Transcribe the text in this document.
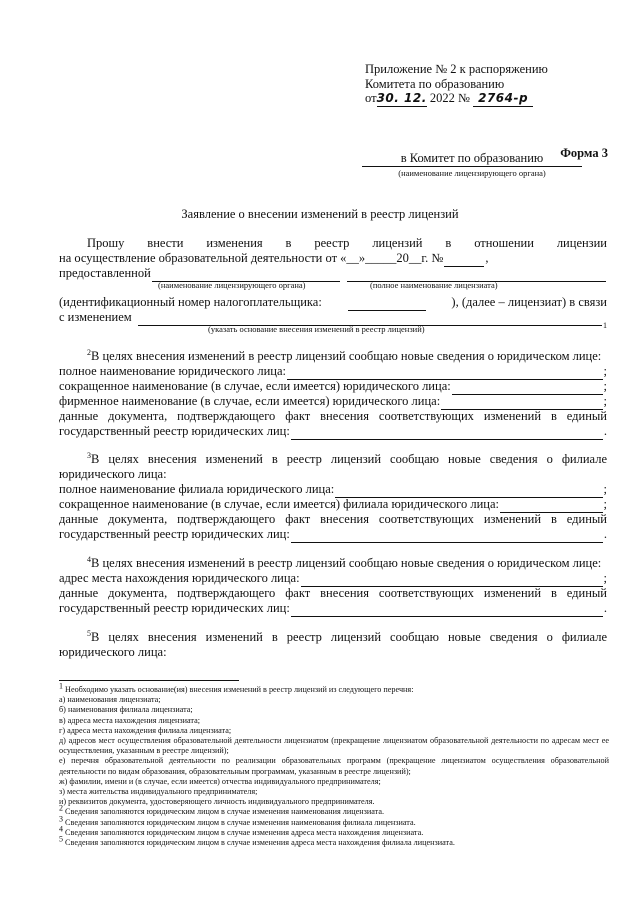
Приложение № 2 к распоряжению
Комитета по образованию
от30. 12. 2022 № 2764-р
Форма 3
в Комитет по образованию
(наименование лицензирующего органа)
Заявление о внесении изменений в реестр лицензий
Прошу внести изменения в реестр лицензий в отношении лицензии
на осуществление образовательной деятельности от «__»_____20__г. №	,
предоставленной
(наименование лицензирующего органа)	(полное наименование лицензиата)
(идентификационный номер налогоплательщика:	), (далее – лицензиат) в связи
с изменением
1
(указать основание внесения изменений в реестр лицензий)
$^2$В целях внесения изменений в реестр лицензий сообщаю новые сведения о юридическом лице:
полное наименование юридического лица:	;
сокращенное наименование (в случае, если имеется) юридического лица:	;
фирменное наименование (в случае, если имеется) юридического лица:	;
данные документа, подтверждающего факт внесения соответствующих изменений в единый
государственный реестр юридических лиц:	.
$^3$В целях внесения изменений в реестр лицензий сообщаю новые сведения о филиале
юридического лица:
полное наименование филиала юридического лица:	;
сокращенное наименование (в случае, если имеется) филиала юридического лица:	;
данные документа, подтверждающего факт внесения соответствующих изменений в единый
государственный реестр юридических лиц:	.
$^4$В целях внесения изменений в реестр лицензий сообщаю новые сведения о юридическом лице:
адрес места нахождения юридического лица:	;
данные документа, подтверждающего факт внесения соответствующих изменений в единый
государственный реестр юридических лиц:	.
$^5$В целях внесения изменений в реестр лицензий сообщаю новые сведения о филиале
юридического лица:

$^1$ Необходимо указать основание(ия) внесения изменений в реестр лицензий из следующего перечня:

а) наименования лицензиата;

б) наименования филиала лицензиата;

в) адреса места нахождения лицензиата;

г) адреса места нахождения филиала лицензиата;

д) адресов мест осуществления образовательной деятельности лицензиатом (прекращение лицензиатом образовательной деятельности по адресам мест ее осуществления, указанным в реестре лицензий);

е) перечня образовательной деятельности по реализации образовательных программ (прекращение лицензиатом осуществления образовательной деятельности по видам образования, образовательным программам, указанным в реестре лицензий);

ж) фамилии, имени и (в случае, если имеется) отчества индивидуального предпринимателя;

з) места жительства индивидуального предпринимателя;

и) реквизитов документа, удостоверяющего личность индивидуального предпринимателя.

$^2$ Сведения заполняются юридическим лицом в случае изменения наименования лицензиата.

$^3$ Сведения заполняются юридическим лицом в случае изменения наименования филиала лицензиата.

$^4$ Сведения заполняются юридическим лицом в случае изменения адреса места нахождения лицензиата.

$^5$ Сведения заполняются юридическим лицом в случае изменения адреса места нахождения филиала лицензиата.
